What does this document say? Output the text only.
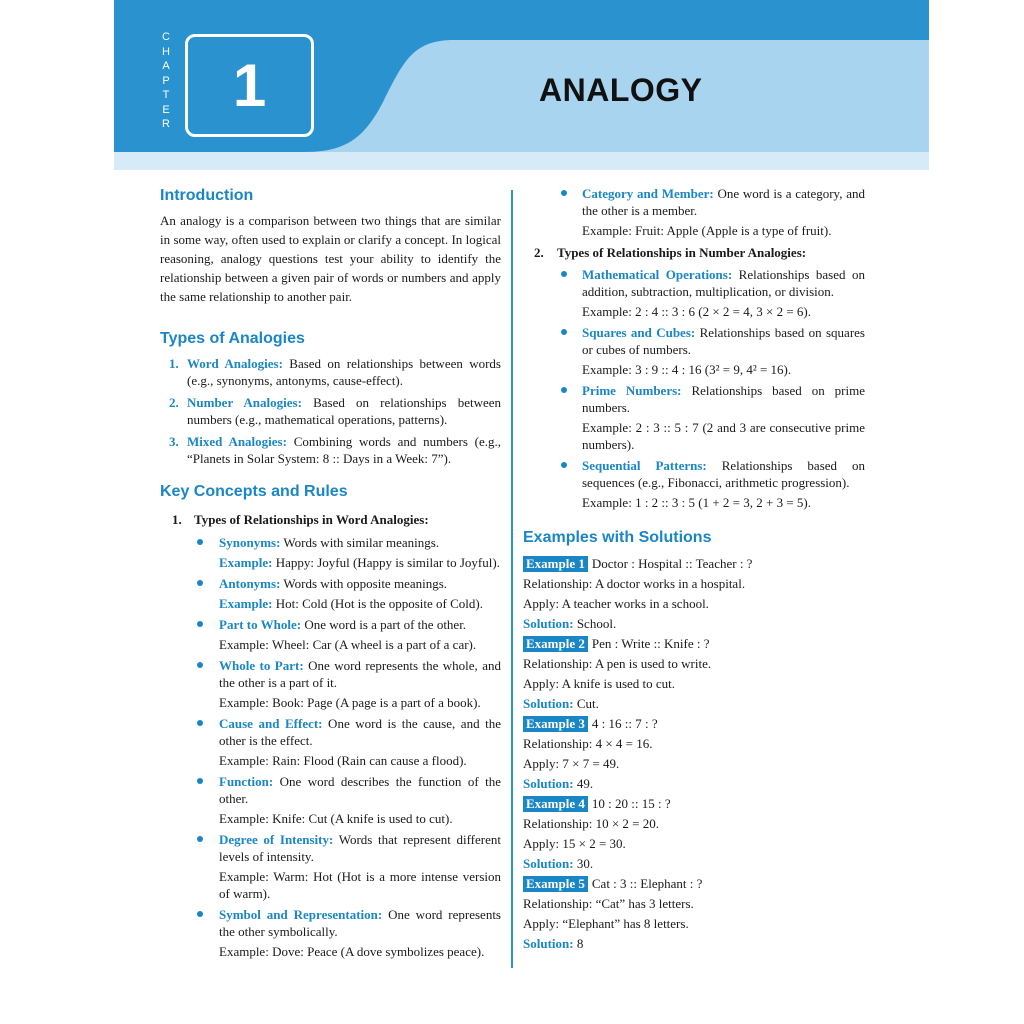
C
H
A
P
T
E
R
1	ANALOGY
Introduction

An analogy is a comparison between two things that are similar in some way, often used to explain or clarify a concept. In logical reasoning, analogy questions test your ability to identify the relationship between a given pair of words or numbers and apply the same relationship to another pair.

Types of Analogies
1. Word Analogies: Based on relationships between words (e.g., synonyms, antonyms, cause-effect).
2. Number Analogies: Based on relationships between numbers (e.g., mathematical operations, patterns).
3. Mixed Analogies: Combining words and numbers (e.g., “Planets in Solar System: 8 :: Days in a Week: 7”).
Key Concepts and Rules
1. Types of Relationships in Word Analogies:
Synonyms: Words with similar meanings.
Example: Happy: Joyful (Happy is similar to Joyful).
Antonyms: Words with opposite meanings.
Example: Hot: Cold (Hot is the opposite of Cold).
Part to Whole: One word is a part of the other.
Example: Wheel: Car (A wheel is a part of a car).
Whole to Part: One word represents the whole, and the other is a part of it.
Example: Book: Page (A page is a part of a book).
Cause and Effect: One word is the cause, and the other is the effect.
Example: Rain: Flood (Rain can cause a flood).
Function: One word describes the function of the other.
Example: Knife: Cut (A knife is used to cut).
Degree of Intensity: Words that represent different levels of intensity.
Example: Warm: Hot (Hot is a more intense version of warm).
Symbol and Representation: One word represents the other symbolically.
Example: Dove: Peace (A dove symbolizes peace).
Category and Member: One word is a category, and the other is a member.
Example: Fruit: Apple (Apple is a type of fruit).
2. Types of Relationships in Number Analogies:
Mathematical Operations: Relationships based on addition, subtraction, multiplication, or division.
Example: 2 : 4 :: 3 : 6 (2 × 2 = 4, 3 × 2 = 6).
Squares and Cubes: Relationships based on squares or cubes of numbers.
Example: 3 : 9 :: 4 : 16 (3² = 9, 4² = 16).
Prime Numbers: Relationships based on prime numbers.
Example: 2 : 3 :: 5 : 7 (2 and 3 are consecutive prime numbers).
Sequential Patterns: Relationships based on sequences (e.g., Fibonacci, arithmetic progression).
Example: 1 : 2 :: 3 : 5 (1 + 2 = 3, 2 + 3 = 5).
Examples with Solutions
Example 1 Doctor : Hospital :: Teacher : ?
Relationship: A doctor works in a hospital.
Apply: A teacher works in a school.
Solution: School.
Example 2 Pen : Write :: Knife : ?
Relationship: A pen is used to write.
Apply: A knife is used to cut.
Solution: Cut.
Example 3 4 : 16 :: 7 : ?
Relationship: 4 × 4 = 16.
Apply: 7 × 7 = 49.
Solution: 49.
Example 4 10 : 20 :: 15 : ?
Relationship: 10 × 2 = 20.
Apply: 15 × 2 = 30.
Solution: 30.
Example 5 Cat : 3 :: Elephant : ?
Relationship: “Cat” has 3 letters.
Apply: “Elephant” has 8 letters.
Solution: 8
